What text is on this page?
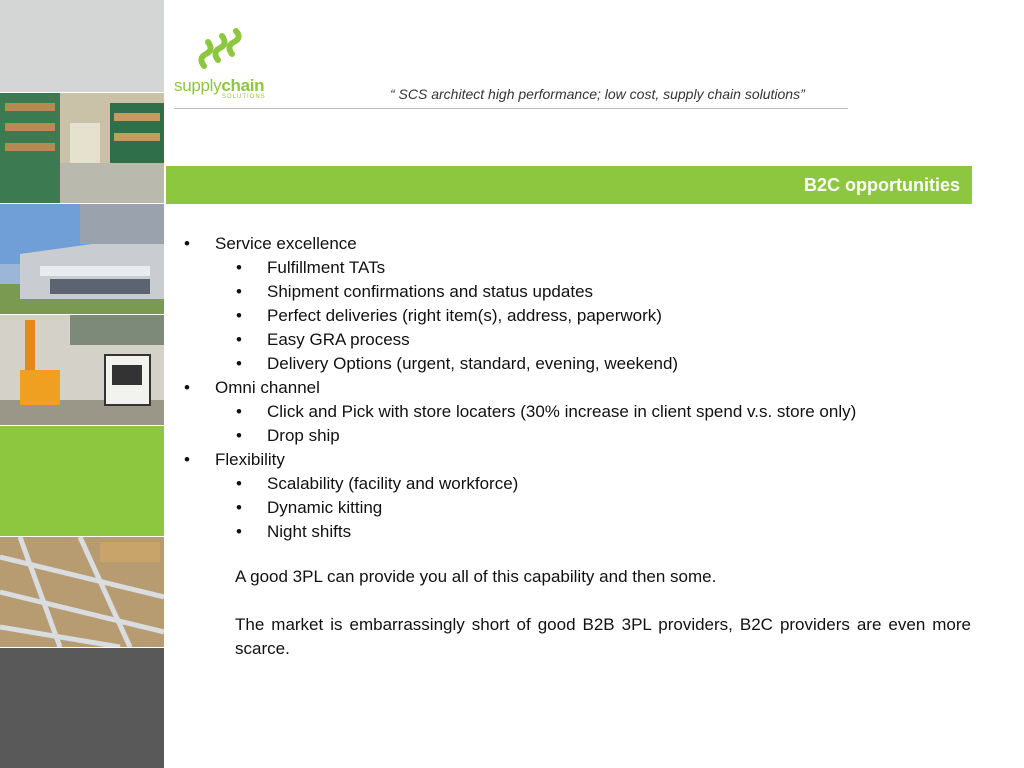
supplychain
SOLUTIONS	“ SCS architect high performance; low cost, supply chain solutions”
B2C opportunities
• Service excellence
• Fulfillment TATs
• Shipment confirmations and status updates
• Perfect deliveries (right item(s), address, paperwork)
• Easy GRA process
• Delivery Options (urgent, standard, evening, weekend)
• Omni channel
• Click and Pick with store locaters (30% increase in client spend v.s. store only)
• Drop ship
• Flexibility
• Scalability (facility and workforce)
• Dynamic kitting
• Night shifts
A good 3PL can provide you all of this capability and then some.
The market is embarrassingly short of good B2B 3PL providers, B2C providers are even more scarce.
